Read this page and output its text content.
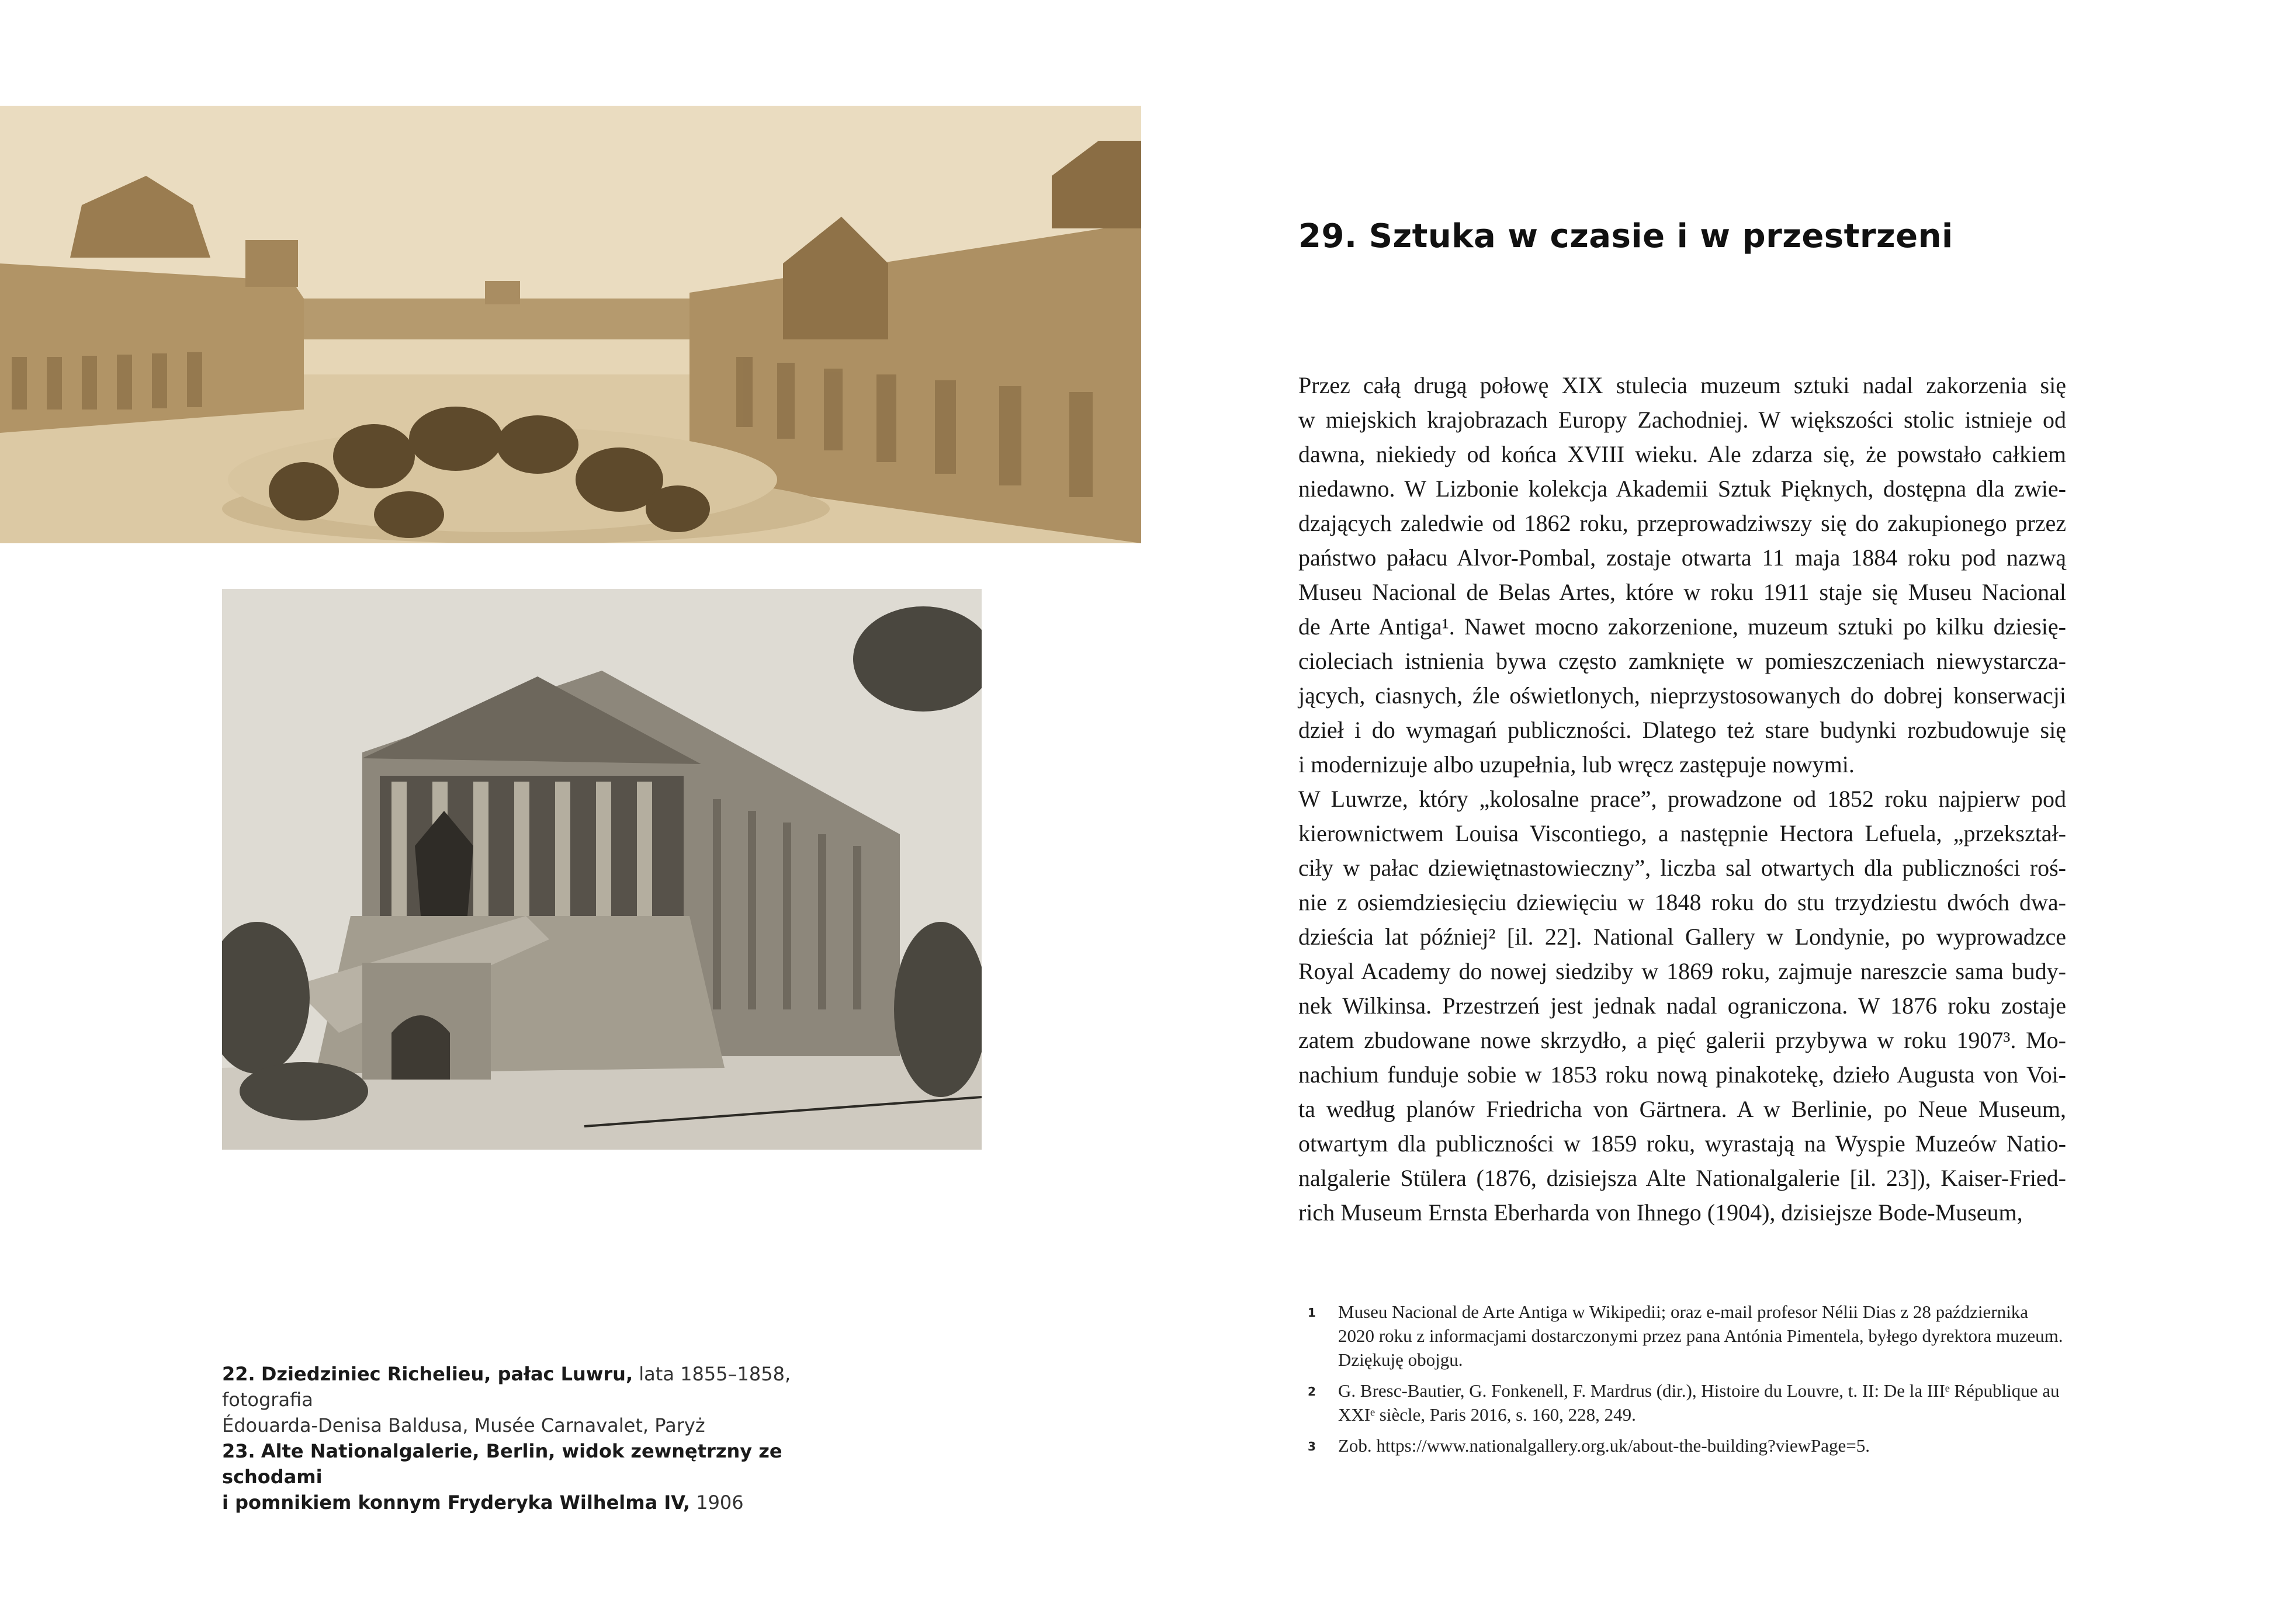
22. Dziedziniec Richelieu, pałac Luwru, lata 1855–1858, fotografia

Édouarda-Denisa Baldusa, Musée Carnavalet, Paryż

23. Alte Nationalgalerie, Berlin, widok zewnętrzny ze schodami

i pomnikiem konnym Fryderyka Wilhelma IV, 1906

29. Sztuka w czasie i w przestrzeni
Przez całą drugą połowę XIX stulecia muzeum sztuki nadal zakorzenia się
w miejskich krajobrazach Europy Zachodniej. W większości stolic istnieje od
dawna, niekiedy od końca XVIII wieku. Ale zdarza się, że powstało całkiem
niedawno. W Lizbonie kolekcja Akademii Sztuk Pięknych, dostępna dla zwie-
dzających zaledwie od 1862 roku, przeprowadziwszy się do zakupionego przez
państwo pałacu Alvor-Pombal, zostaje otwarta 11 maja 1884 roku pod nazwą
Museu Nacional de Belas Artes, które w roku 1911 staje się Museu Nacional
de Arte Antiga¹. Nawet mocno zakorzenione, muzeum sztuki po kilku dziesię-
cioleciach istnienia bywa często zamknięte w pomieszczeniach niewystarcza-
jących, ciasnych, źle oświetlonych, nieprzystosowanych do dobrej konserwacji
dzieł i do wymagań publiczności. Dlatego też stare budynki rozbudowuje się
i modernizuje albo uzupełnia, lub wręcz zastępuje nowymi.
W Luwrze, który „kolosalne prace”, prowadzone od 1852 roku najpierw pod
kierownictwem Louisa Viscontiego, a następnie Hectora Lefuela, „przekształ-
ciły w pałac dziewiętnastowieczny”, liczba sal otwartych dla publiczności roś-
nie z osiemdziesięciu dziewięciu w 1848 roku do stu trzydziestu dwóch dwa-
dzieścia lat później² [il. 22]. National Gallery w Londynie, po wyprowadzce
Royal Academy do nowej siedziby w 1869 roku, zajmuje nareszcie sama budy-
nek Wilkinsa. Przestrzeń jest jednak nadal ograniczona. W 1876 roku zostaje
zatem zbudowane nowe skrzydło, a pięć galerii przybywa w roku 1907³. Mo-
nachium funduje sobie w 1853 roku nową pinakotekę, dzieło Augusta von Voi-
ta według planów Friedricha von Gärtnera. A w Berlinie, po Neue Museum,
otwartym dla publiczności w 1859 roku, wyrastają na Wyspie Muzeów Natio-
nalgalerie Stülera (1876, dzisiejsza Alte Nationalgalerie [il. 23]), Kaiser-Fried-
rich Museum Ernsta Eberharda von Ihnego (1904), dzisiejsze Bode-Museum,
1 Museu Nacional de Arte Antiga w Wikipedii; oraz e-mail profesor Nélii Dias z 28 października 2020 roku z informacjami dostarczonymi przez pana Antónia Pimentela, byłego dyrektora muzeum. Dziękuję obojgu.
2 G. Bresc-Bautier, G. Fonkenell, F. Mardrus (dir.), Histoire du Louvre, t. II: De la IIIᵉ République au XXIᵉ siècle, Paris 2016, s. 160, 228, 249.
3 Zob. https://www.nationalgallery.org.uk/about-the-building?viewPage=5.
